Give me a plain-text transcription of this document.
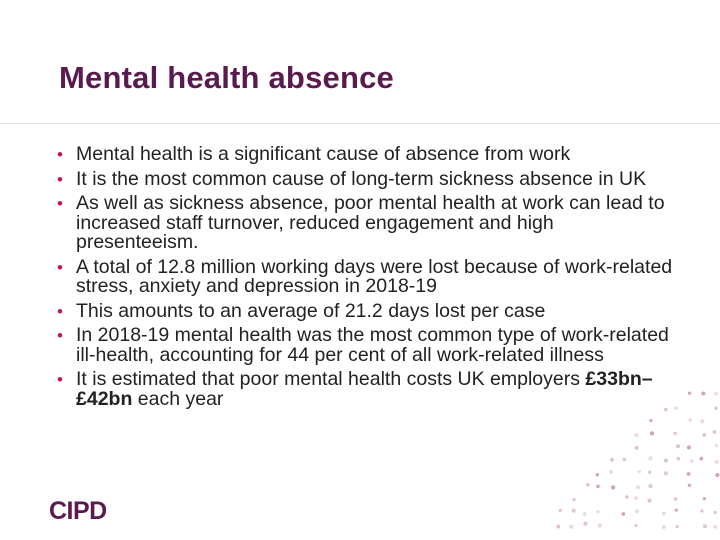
Mental health absence
• Mental health is a significant cause of absence from work
• It is the most common cause of long-term sickness absence in UK
• As well as sickness absence, poor mental health at work can lead to increased staff turnover, reduced engagement and high presenteeism.
• A total of 12.8 million working days were lost because of work-related stress, anxiety and depression in 2018-19
• This amounts to an average of 21.2 days lost per case
• In 2018-19 mental health was the most common type of work-related ill-health, accounting for 44 per cent of all work-related illness
• It is estimated that poor mental health costs UK employers £33bn–£42bn each year
CIPD
